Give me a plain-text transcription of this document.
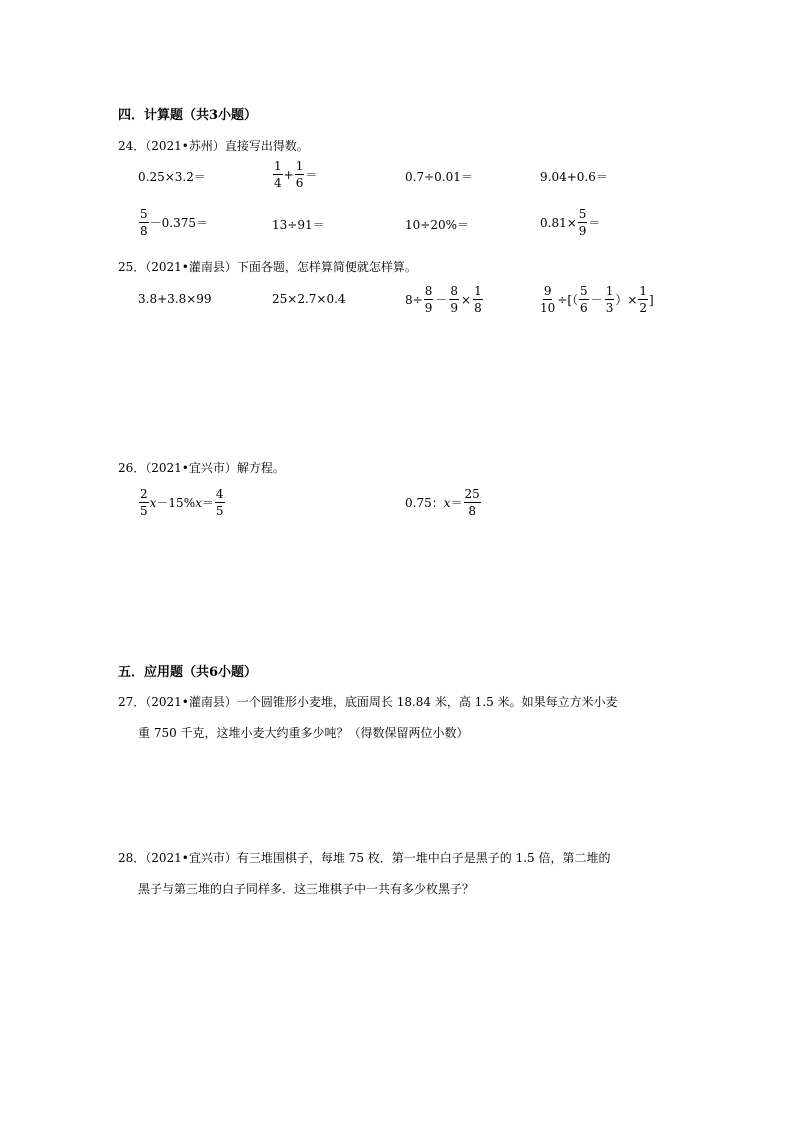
四．计算题（共3小题）
24．（2021•苏州）直接写出得数。
0.25×3.2＝	$\frac{1}{4} + \frac{1}{6}$ ＝	0.7÷0.01＝	9.04+0.6＝
$\frac{5}{8} -0.375=$	13÷91＝	10÷20%＝	$0.81\times \frac{5}{9}$ ＝
25．（2021•灌南县）下面各题，怎样算简便就怎样算。
3.8+3.8×99	25×2.7×0.4	$8\div \frac{8}{9} - \frac{8}{9} \times \frac{1}{8}$	$\frac{9}{10}$ ÷[（ $\frac{5}{6} - \frac{1}{3}$ ）× $\frac{1}{2}$ ]
26．（2021•宜兴市）解方程。
$\frac{2}{5}$ x －15% $x = \frac{4}{5}$	0.75： $x = \frac{25}{8}$
五．应用题（共6小题）
27．（2021•灌南县）一个圆锥形小麦堆，底面周长 18.84 米，高 1.5 米。如果每立方米小麦
重 750 千克，这堆小麦大约重多少吨？（得数保留两位小数）
28．（2021•宜兴市）有三堆围棋子，每堆 75 枚．第一堆中白子是黑子的 1.5 倍，第二堆的
黑子与第三堆的白子同样多．这三堆棋子中一共有多少枚黑子？
